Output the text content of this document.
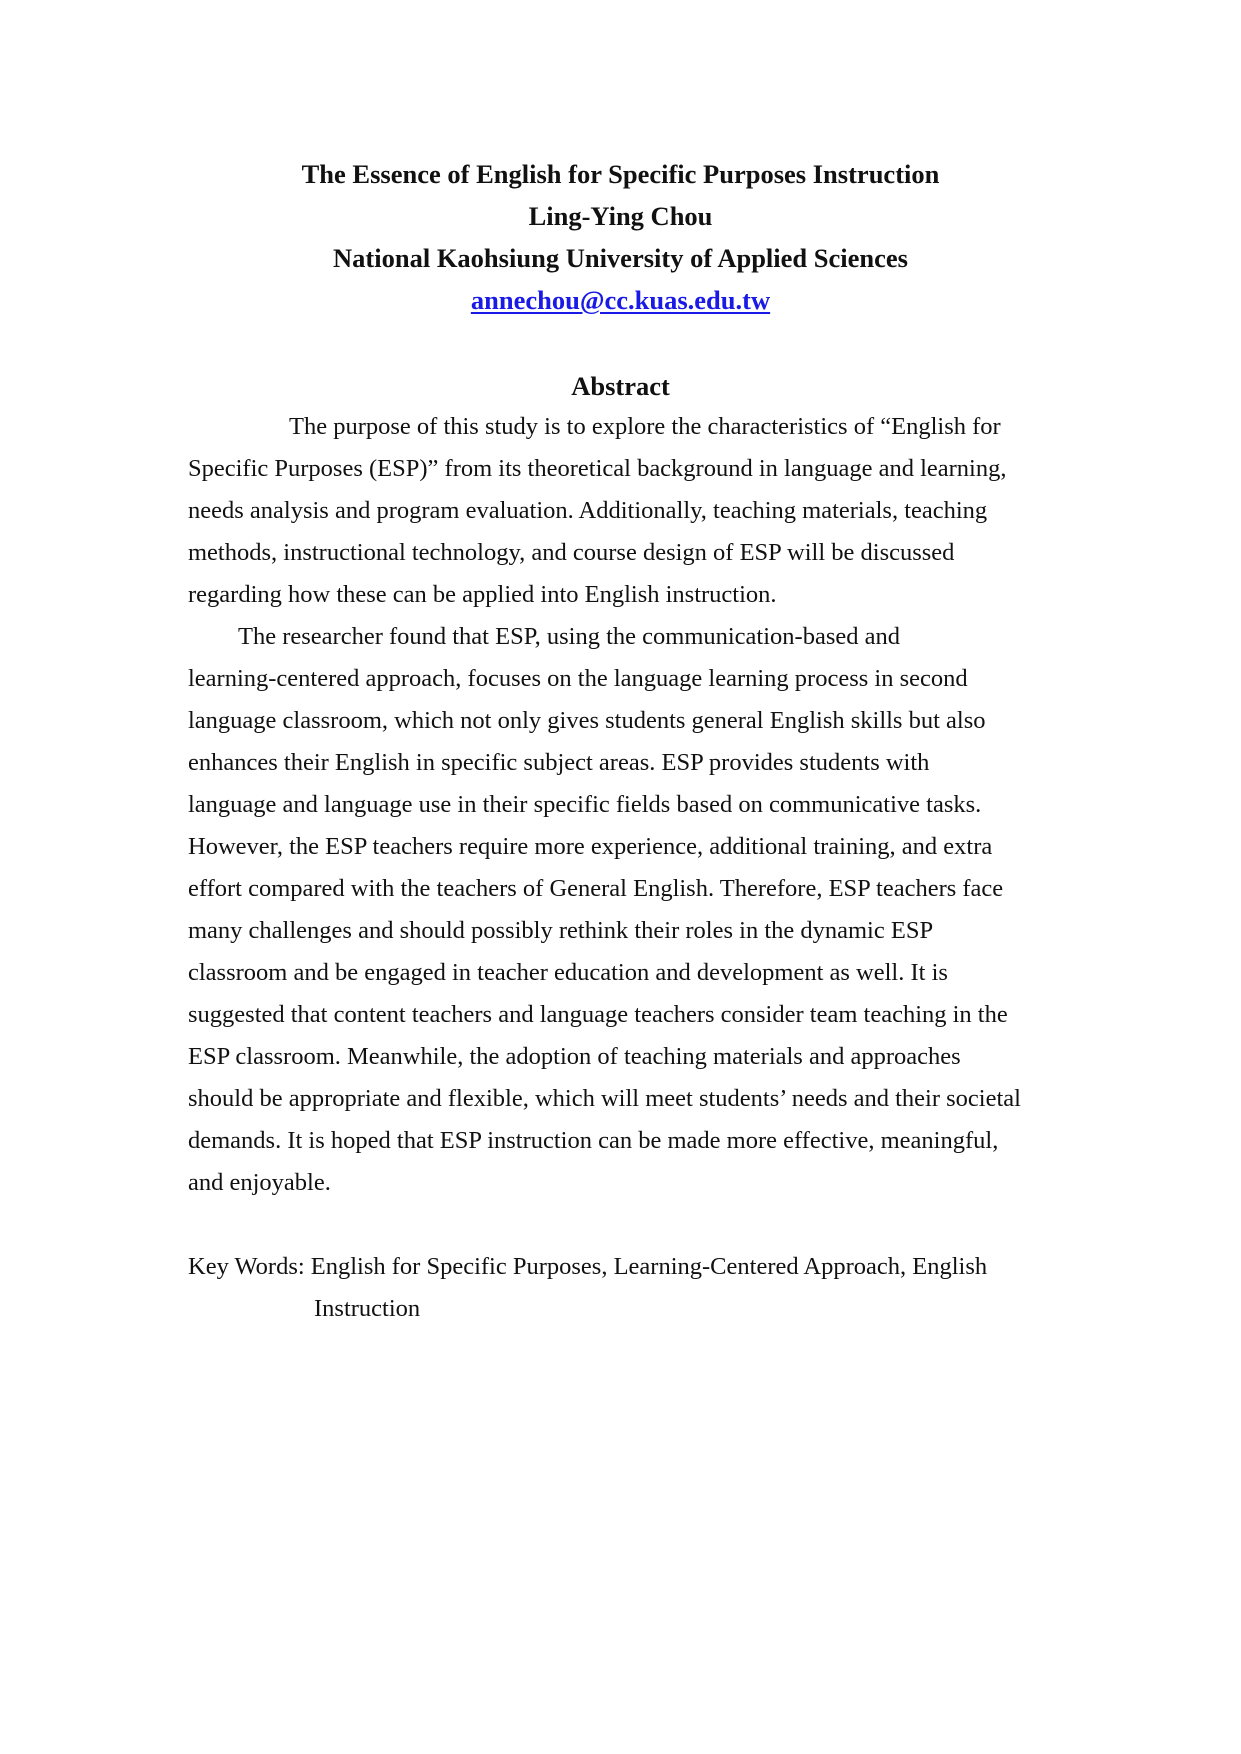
The Essence of English for Specific Purposes Instruction
Ling-Ying Chou
National Kaohsiung University of Applied Sciences
annechou@cc.kuas.edu.tw
Abstract
The purpose of this study is to explore the characteristics of “English for
Specific Purposes (ESP)” from its theoretical background in language and learning,
needs analysis and program evaluation. Additionally, teaching materials, teaching
methods, instructional technology, and course design of ESP will be discussed
regarding how these can be applied into English instruction.
The researcher found that ESP, using the communication-based and
learning-centered approach, focuses on the language learning process in second
language classroom, which not only gives students general English skills but also
enhances their English in specific subject areas. ESP provides students with
language and language use in their specific fields based on communicative tasks.
However, the ESP teachers require more experience, additional training, and extra
effort compared with the teachers of General English. Therefore, ESP teachers face
many challenges and should possibly rethink their roles in the dynamic ESP
classroom and be engaged in teacher education and development as well. It is
suggested that content teachers and language teachers consider team teaching in the
ESP classroom. Meanwhile, the adoption of teaching materials and approaches
should be appropriate and flexible, which will meet students’ needs and their societal
demands. It is hoped that ESP instruction can be made more effective, meaningful,
and enjoyable.
Key Words: English for Specific Purposes, Learning-Centered Approach, English
Instruction
